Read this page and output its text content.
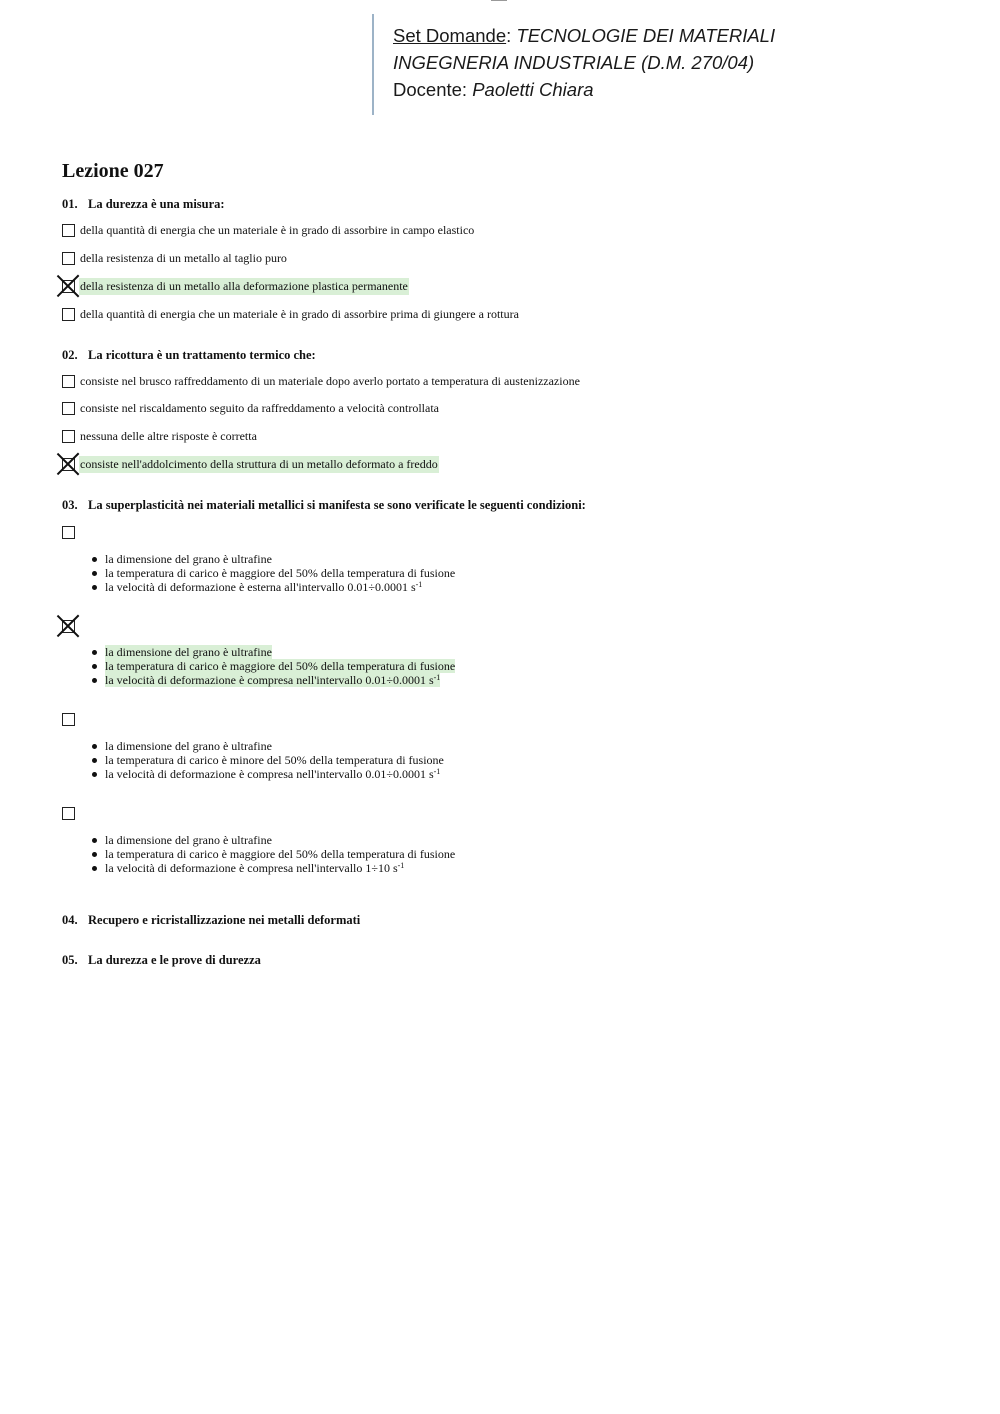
Set Domande: TECNOLOGIE DEI MATERIALI
INGEGNERIA INDUSTRIALE (D.M. 270/04)
Docente: Paoletti Chiara
Lezione 027
01. La durezza è una misura:
della quantità di energia che un materiale è in grado di assorbire in campo elastico
della resistenza di un metallo al taglio puro
della resistenza di un metallo alla deformazione plastica permanente
della quantità di energia che un materiale è in grado di assorbire prima di giungere a rottura
02. La ricottura è un trattamento termico che:
consiste nel brusco raffreddamento di un materiale dopo averlo portato a temperatura di austenizzazione
consiste nel riscaldamento seguito da raffreddamento a velocità controllata
nessuna delle altre risposte è corretta
consiste nell'addolcimento della struttura di un metallo deformato a freddo
03. La superplasticità nei materiali metallici si manifesta se sono verificate le seguenti condizioni:
la dimensione del grano è ultrafine
la temperatura di carico è maggiore del 50% della temperatura di fusione
la velocità di deformazione è esterna all'intervallo 0.01÷0.0001 $s^{-1}$
la dimensione del grano è ultrafine
la temperatura di carico è maggiore del 50% della temperatura di fusione
la velocità di deformazione è compresa nell'intervallo 0.01÷0.0001 $s^{-1}$
la dimensione del grano è ultrafine
la temperatura di carico è minore del 50% della temperatura di fusione
la velocità di deformazione è compresa nell'intervallo 0.01÷0.0001 $s^{-1}$
la dimensione del grano è ultrafine
la temperatura di carico è maggiore del 50% della temperatura di fusione
la velocità di deformazione è compresa nell'intervallo 1÷10 $s^{-1}$
04. Recupero e ricristallizzazione nei metalli deformati
05. La durezza e le prove di durezza
